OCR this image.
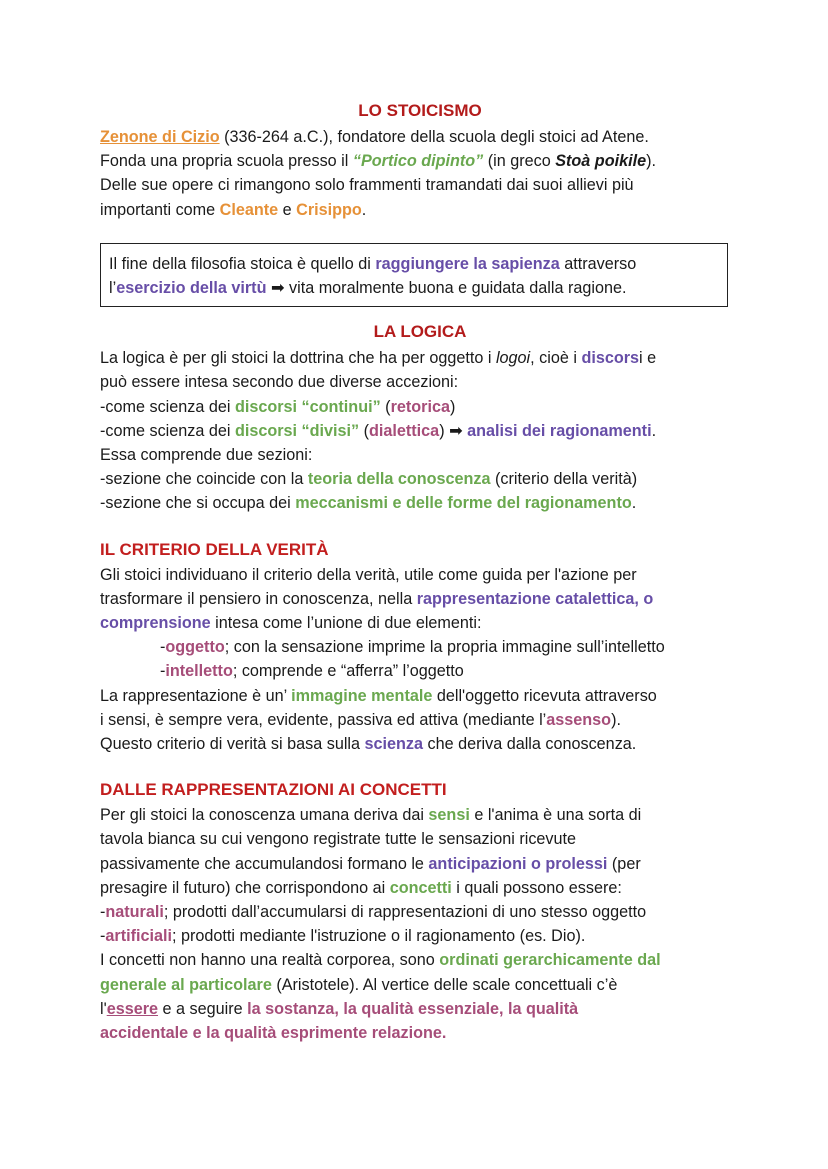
LO STOICISMO

Zenone di Cizio (336-264 a.C.), fondatore della scuola degli stoici ad Atene.
Fonda una propria scuola presso il “Portico dipinto” (in greco Stoà poikile).
Delle sue opere ci rimangono solo frammenti tramandati dai suoi allievi più
importanti come Cleante e Crisippo.
Il fine della filosofia stoica è quello di raggiungere la sapienza attraverso
l’esercizio della virtù ➡ vita moralmente buona e guidata dalla ragione.

LA LOGICA

La logica è per gli stoici la dottrina che ha per oggetto i logoi, cioè i discorsi e
può essere intesa secondo due diverse accezioni:
-come scienza dei discorsi “continui” (retorica)
-come scienza dei discorsi “divisi” (dialettica) ➡ analisi dei ragionamenti.
Essa comprende due sezioni:
-sezione che coincide con la teoria della conoscenza (criterio della verità)
-sezione che si occupa dei meccanismi e delle forme del ragionamento.

IL CRITERIO DELLA VERITÀ

Gli stoici individuano il criterio della verità, utile come guida per l'azione per
trasformare il pensiero in conoscenza, nella rappresentazione catalettica, o
comprensione intesa come l’unione di due elementi:
-oggetto; con la sensazione imprime la propria immagine sull’intelletto
-intelletto; comprende e “afferra” l’oggetto
La rappresentazione è un’ immagine mentale dell'oggetto ricevuta attraverso
i sensi, è sempre vera, evidente, passiva ed attiva (mediante l’assenso).
Questo criterio di verità si basa sulla scienza che deriva dalla conoscenza.

DALLE RAPPRESENTAZIONI AI CONCETTI

Per gli stoici la conoscenza umana deriva dai sensi e l'anima è una sorta di
tavola bianca su cui vengono registrate tutte le sensazioni ricevute
passivamente che accumulandosi formano le anticipazioni o prolessi (per
presagire il futuro) che corrispondono ai concetti i quali possono essere:
-naturali; prodotti dall’accumularsi di rappresentazioni di uno stesso oggetto
-artificiali; prodotti mediante l'istruzione o il ragionamento (es. Dio).
I concetti non hanno una realtà corporea, sono ordinati gerarchicamente dal
generale al particolare (Aristotele). Al vertice delle scale concettuali c’è
l'essere e a seguire la sostanza, la qualità essenziale, la qualità
accidentale e la qualità esprimente relazione.
